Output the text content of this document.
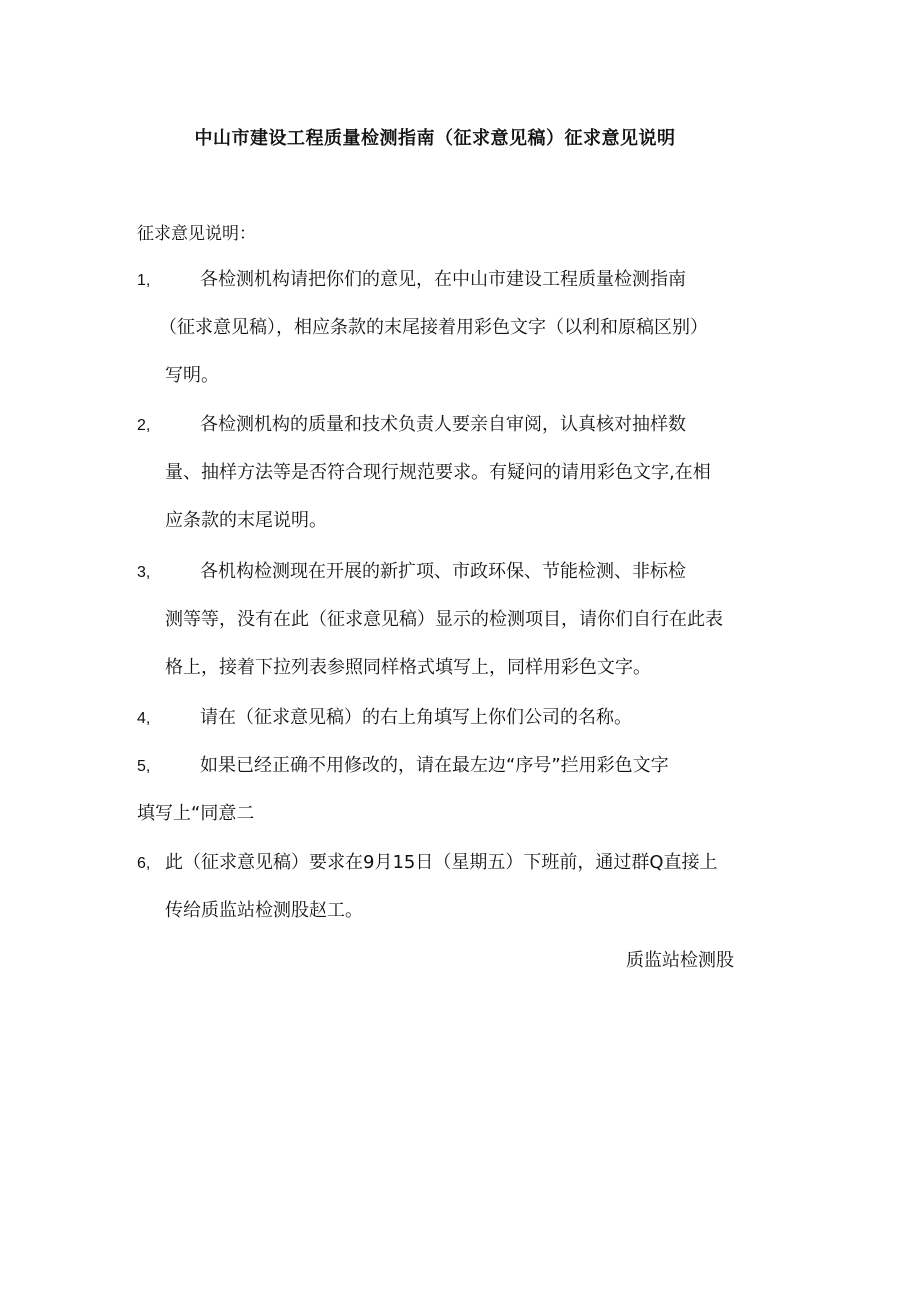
中山市建设工程质量检测指南（征求意见稿）征求意见说明
征求意见说明：
1,	各检测机构请把你们的意见，在中山市建设工程质量检测指南
（征求意见稿），相应条款的末尾接着用彩色文字（以利和原稿区别）
写明。
2,	各检测机构的质量和技术负责人要亲自审阅，认真核对抽样数
量、抽样方法等是否符合现行规范要求。有疑问的请用彩色文字,在相
应条款的末尾说明。
3,	各机构检测现在开展的新扩项、市政环保、节能检测、非标检
测等等，没有在此（征求意见稿）显示的检测项目，请你们自行在此表
格上，接着下拉列表参照同样格式填写上，同样用彩色文字。
4,	请在（征求意见稿）的右上角填写上你们公司的名称。
5,	如果已经正确不用修改的，请在最左边“序号”拦用彩色文字
填写上“同意二
6, 此（征求意见稿）要求在9月15日（星期五）下班前，通过群Q直接上
传给质监站检测股赵工。
质监站检测股
